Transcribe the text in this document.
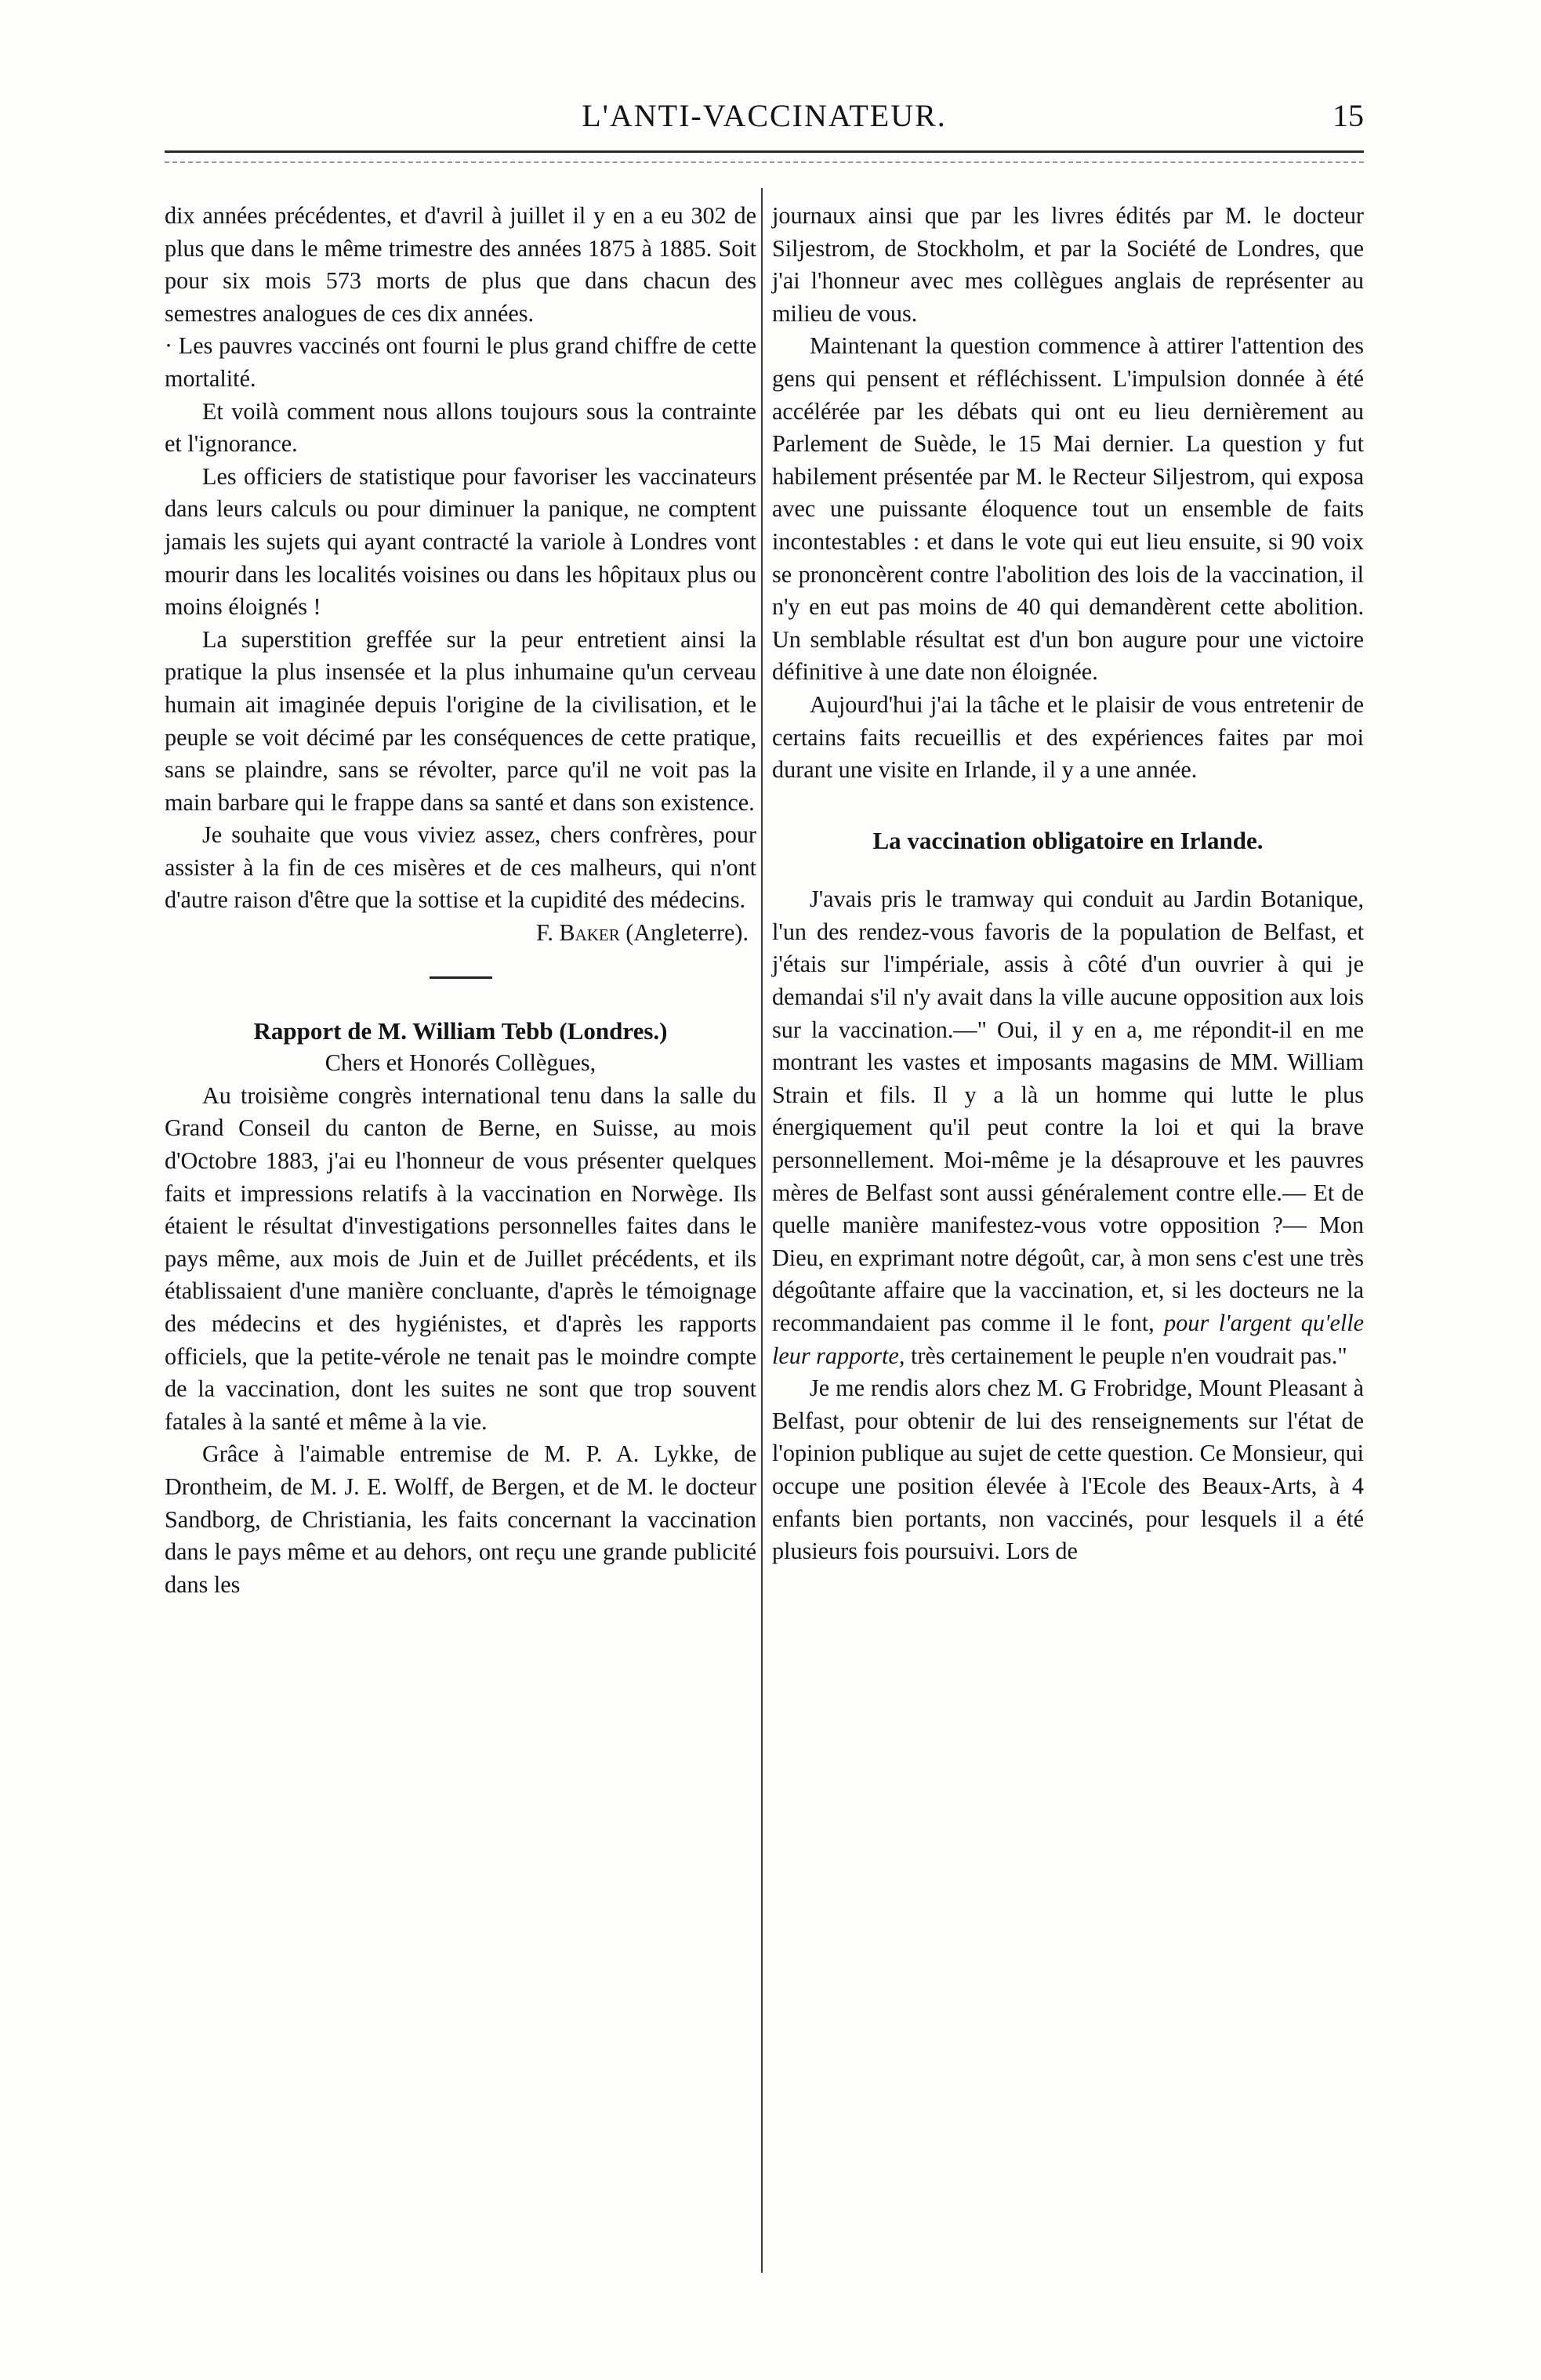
L'ANTI-VACCINATEUR.	15

dix années précédentes, et d'avril à juillet il y en a eu 302 de plus que dans le même trimestre des années 1875 à 1885. Soit pour six mois 573 morts de plus que dans chacun des semestres analogues de ces dix années.

· Les pauvres vaccinés ont fourni le plus grand chiffre de cette mortalité.

Et voilà comment nous allons toujours sous la contrainte et l'ignorance.

Les officiers de statistique pour favoriser les vaccinateurs dans leurs calculs ou pour diminuer la panique, ne comptent jamais les sujets qui ayant contracté la variole à Londres vont mourir dans les localités voisines ou dans les hôpitaux plus ou moins éloignés !

La superstition greffée sur la peur entretient ainsi la pratique la plus insensée et la plus inhumaine qu'un cerveau humain ait imaginée depuis l'origine de la civilisation, et le peuple se voit décimé par les conséquences de cette pratique, sans se plaindre, sans se révolter, parce qu'il ne voit pas la main barbare qui le frappe dans sa santé et dans son existence.

Je souhaite que vous viviez assez, chers confrères, pour assister à la fin de ces misères et de ces malheurs, qui n'ont d'autre raison d'être que la sottise et la cupidité des médecins.

F. Baker (Angleterre).

Rapport de M. William Tebb (Londres.)

Chers et Honorés Collègues,

Au troisième congrès international tenu dans la salle du Grand Conseil du canton de Berne, en Suisse, au mois d'Octobre 1883, j'ai eu l'honneur de vous présenter quelques faits et impressions relatifs à la vaccination en Norwège. Ils étaient le résultat d'investigations personnelles faites dans le pays même, aux mois de Juin et de Juillet précédents, et ils établissaient d'une manière concluante, d'après le témoignage des médecins et des hygiénistes, et d'après les rapports officiels, que la petite-vérole ne tenait pas le moindre compte de la vaccination, dont les suites ne sont que trop souvent fatales à la santé et même à la vie.

Grâce à l'aimable entremise de M. P. A. Lykke, de Drontheim, de M. J. E. Wolff, de Bergen, et de M. le docteur Sandborg, de Christiania, les faits concernant la vaccination dans le pays même et au dehors, ont reçu une grande publicité dans les

journaux ainsi que par les livres édités par M. le docteur Siljestrom, de Stockholm, et par la Société de Londres, que j'ai l'honneur avec mes collègues anglais de représenter au milieu de vous.

Maintenant la question commence à attirer l'attention des gens qui pensent et réfléchissent. L'impulsion donnée à été accélérée par les débats qui ont eu lieu dernièrement au Parlement de Suède, le 15 Mai dernier. La question y fut habilement présentée par M. le Recteur Siljestrom, qui exposa avec une puissante éloquence tout un ensemble de faits incontestables : et dans le vote qui eut lieu ensuite, si 90 voix se prononcèrent contre l'abolition des lois de la vaccination, il n'y en eut pas moins de 40 qui demandèrent cette abolition. Un semblable résultat est d'un bon augure pour une victoire définitive à une date non éloignée.

Aujourd'hui j'ai la tâche et le plaisir de vous entretenir de certains faits recueillis et des expériences faites par moi durant une visite en Irlande, il y a une année.

La vaccination obligatoire en Irlande.

J'avais pris le tramway qui conduit au Jardin Botanique, l'un des rendez-vous favoris de la population de Belfast, et j'étais sur l'impériale, assis à côté d'un ouvrier à qui je demandai s'il n'y avait dans la ville aucune opposition aux lois sur la vaccination.—" Oui, il y en a, me répondit-il en me montrant les vastes et imposants magasins de MM. William Strain et fils. Il y a là un homme qui lutte le plus énergiquement qu'il peut contre la loi et qui la brave personnellement. Moi-même je la désaprouve et les pauvres mères de Belfast sont aussi généralement contre elle.— Et de quelle manière manifestez-vous votre opposition ?— Mon Dieu, en exprimant notre dégoût, car, à mon sens c'est une très dégoûtante affaire que la vaccination, et, si les docteurs ne la recommandaient pas comme il le font, pour l'argent qu'elle leur rapporte, très certainement le peuple n'en voudrait pas."

Je me rendis alors chez M. G Frobridge, Mount Pleasant à Belfast, pour obtenir de lui des renseignements sur l'état de l'opinion publique au sujet de cette question. Ce Monsieur, qui occupe une position élevée à l'Ecole des Beaux-Arts, à 4 enfants bien portants, non vaccinés, pour lesquels il a été plusieurs fois poursuivi. Lors de
